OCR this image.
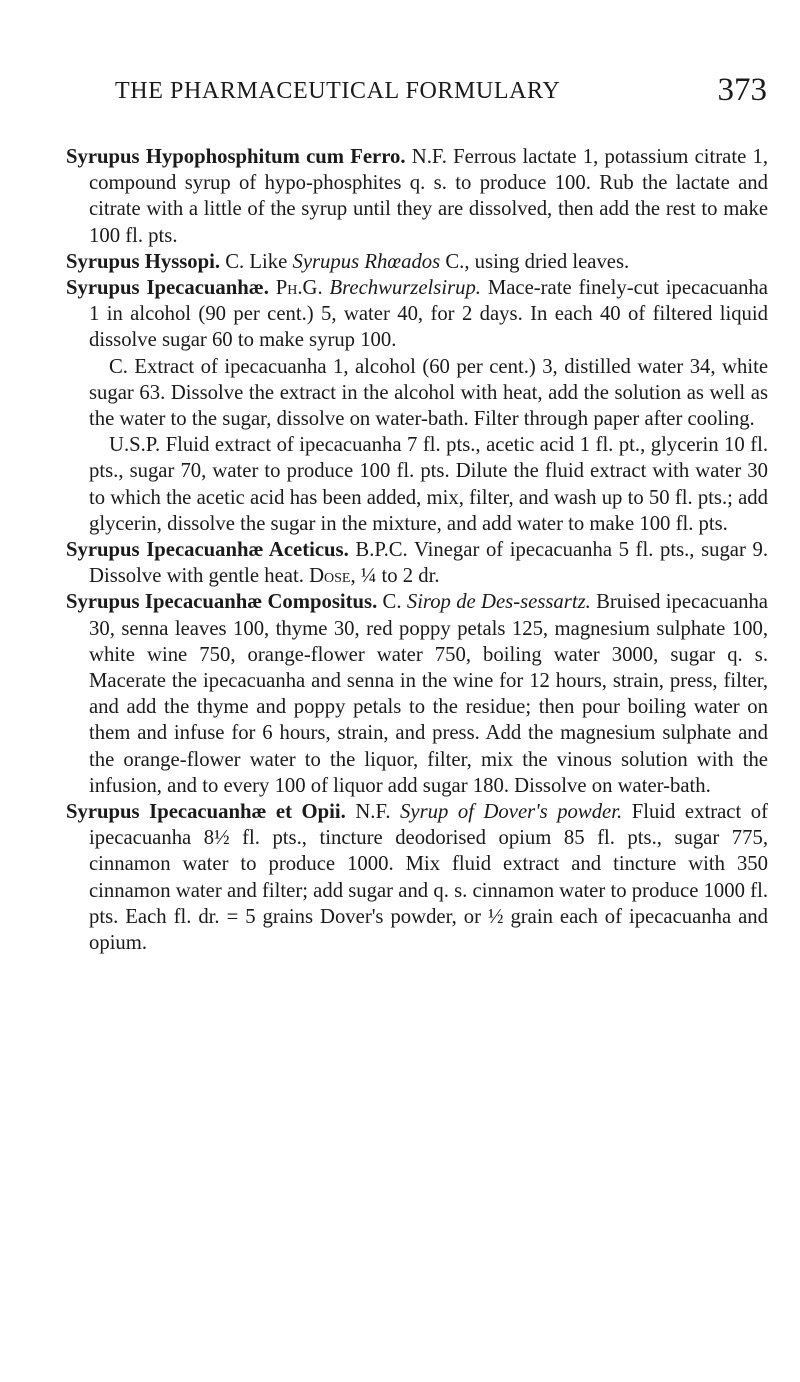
THE PHARMACEUTICAL FORMULARY	373

Syrupus Hypophosphitum cum Ferro. N.F. Ferrous lactate 1, potassium citrate 1, compound syrup of hypo-phosphites q. s. to produce 100. Rub the lactate and citrate with a little of the syrup until they are dissolved, then add the rest to make 100 fl. pts.

Syrupus Hyssopi. C. Like Syrupus Rhœados C., using dried leaves.

Syrupus Ipecacuanhæ. Ph.G. Brechwurzelsirup. Mace-rate finely-cut ipecacuanha 1 in alcohol (90 per cent.) 5, water 40, for 2 days. In each 40 of filtered liquid dissolve sugar 60 to make syrup 100.

C. Extract of ipecacuanha 1, alcohol (60 per cent.) 3, distilled water 34, white sugar 63. Dissolve the extract in the alcohol with heat, add the solution as well as the water to the sugar, dissolve on water-bath. Filter through paper after cooling.

U.S.P. Fluid extract of ipecacuanha 7 fl. pts., acetic acid 1 fl. pt., glycerin 10 fl. pts., sugar 70, water to produce 100 fl. pts. Dilute the fluid extract with water 30 to which the acetic acid has been added, mix, filter, and wash up to 50 fl. pts.; add glycerin, dissolve the sugar in the mixture, and add water to make 100 fl. pts.

Syrupus Ipecacuanhæ Aceticus. B.P.C. Vinegar of ipecacuanha 5 fl. pts., sugar 9. Dissolve with gentle heat. Dose, ¼ to 2 dr.

Syrupus Ipecacuanhæ Compositus. C. Sirop de Des-sessartz. Bruised ipecacuanha 30, senna leaves 100, thyme 30, red poppy petals 125, magnesium sulphate 100, white wine 750, orange-flower water 750, boiling water 3000, sugar q. s. Macerate the ipecacuanha and senna in the wine for 12 hours, strain, press, filter, and add the thyme and poppy petals to the residue; then pour boiling water on them and infuse for 6 hours, strain, and press. Add the magnesium sulphate and the orange-flower water to the liquor, filter, mix the vinous solution with the infusion, and to every 100 of liquor add sugar 180. Dissolve on water-bath.

Syrupus Ipecacuanhæ et Opii. N.F. Syrup of Dover's powder. Fluid extract of ipecacuanha 8½ fl. pts., tincture deodorised opium 85 fl. pts., sugar 775, cinnamon water to produce 1000. Mix fluid extract and tincture with 350 cinnamon water and filter; add sugar and q. s. cinnamon water to produce 1000 fl. pts. Each fl. dr. = 5 grains Dover's powder, or ½ grain each of ipecacuanha and opium.
